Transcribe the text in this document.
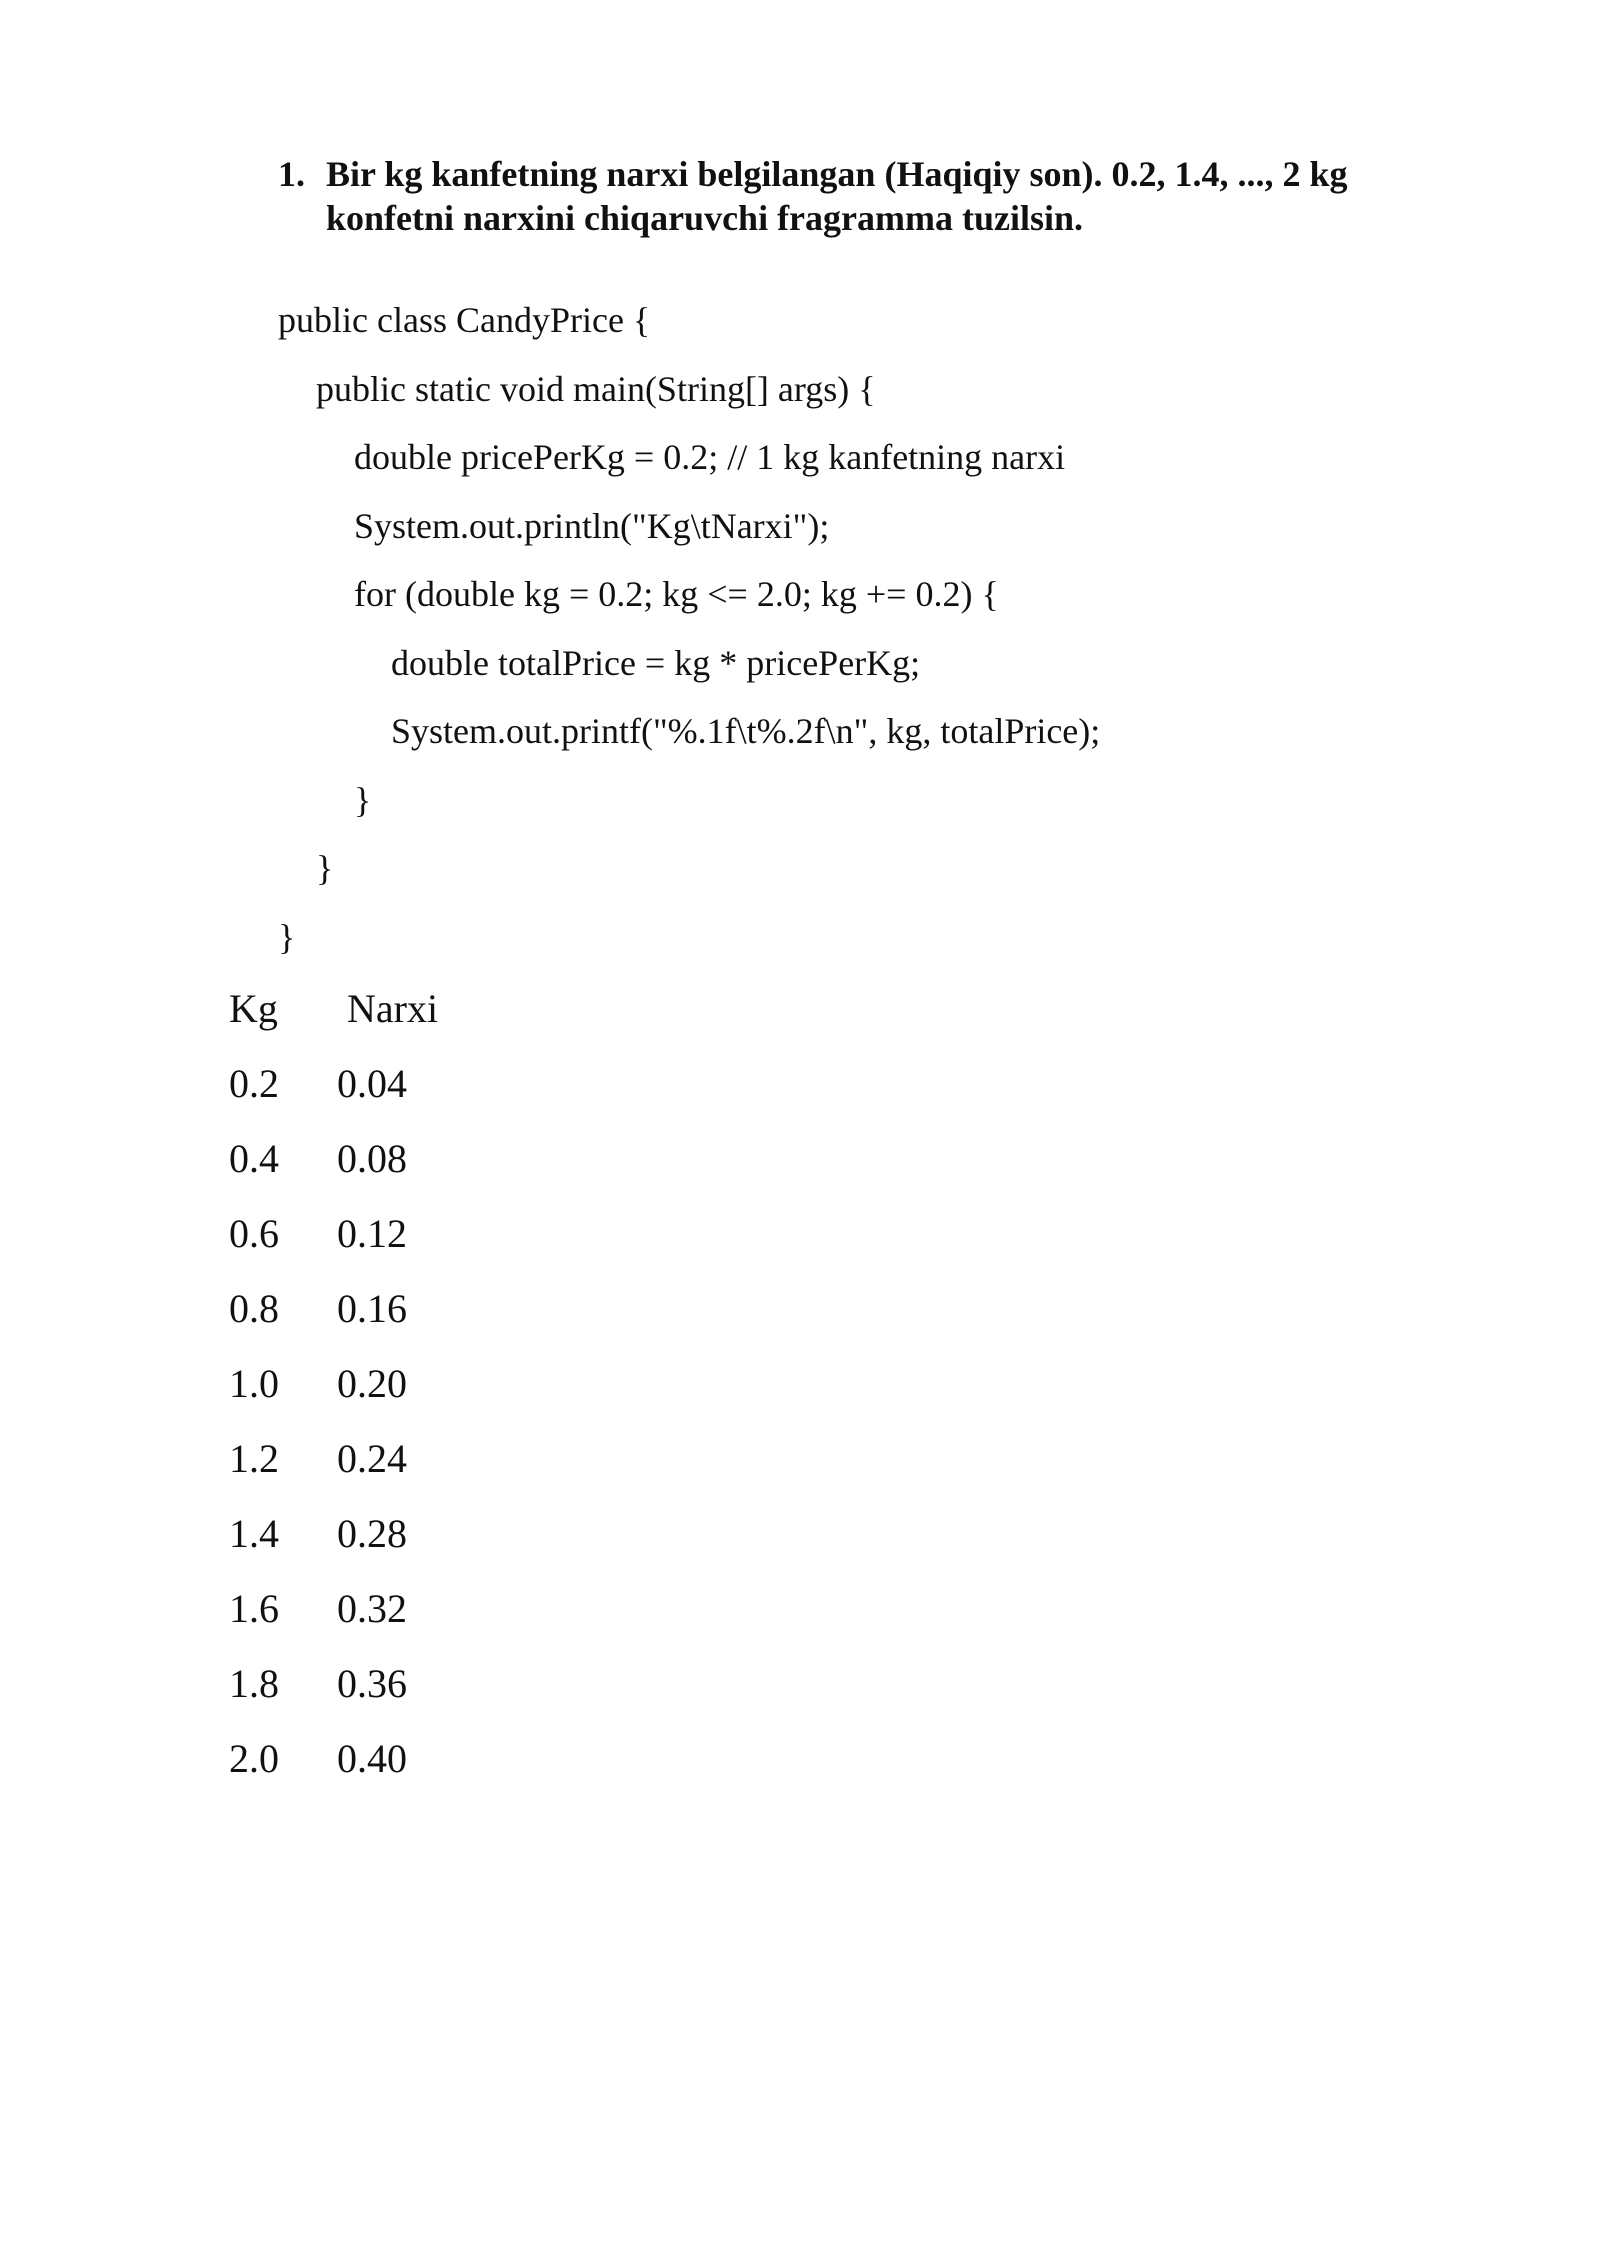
1. Bir kg kanfetning narxi belgilangan (Haqiqiy son). 0.2, 1.4, ..., 2 kg konfetni narxini chiqaruvchi fragramma tuzilsin.
public class CandyPrice {
public static void main(String[] args) {
double pricePerKg = 0.2; // 1 kg kanfetning narxi
System.out.println("Kg\tNarxi");
for (double kg = 0.2; kg <= 2.0; kg += 0.2) {
double totalPrice = kg * pricePerKg;
System.out.printf("%.1f\t%.2f\n", kg, totalPrice);
}
}
}
Kg Narxi
0.2 0.04
0.4 0.08
0.6 0.12
0.8 0.16
1.0 0.20
1.2 0.24
1.4 0.28
1.6 0.32
1.8 0.36
2.0 0.40
